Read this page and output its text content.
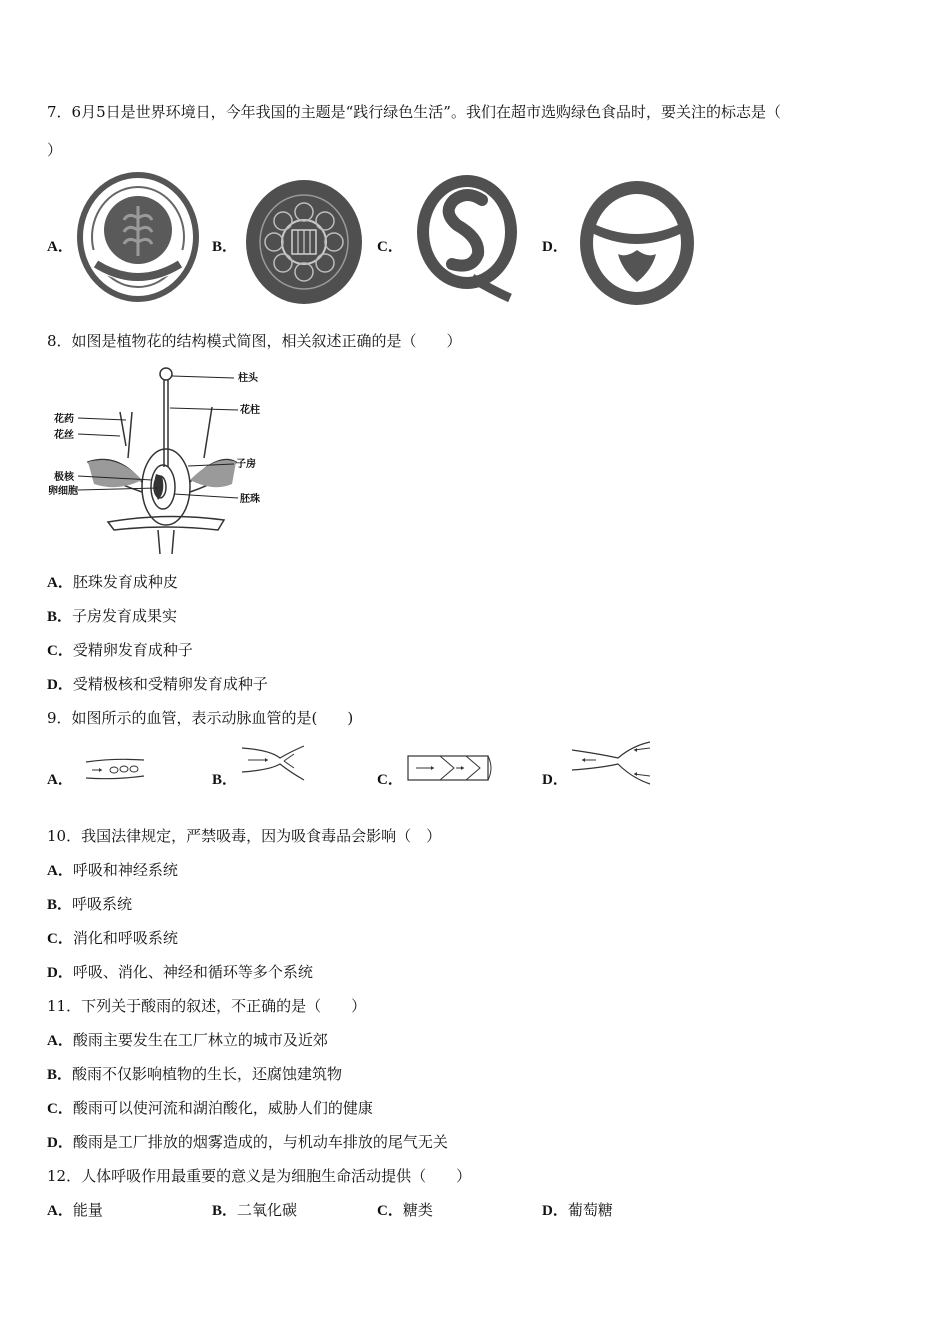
7．6月5日是世界环境日，今年我国的主题是“践行绿色生活”。我们在超市选购绿色食品时，要关注的标志是（
）
A．	B．	C．	D．
8．如图是植物花的结构模式简图，相关叙述正确的是（　　）
柱头
花柱
花药
花丝
子房
极核
卵细胞
胚珠
A．胚珠发育成种皮
B．子房发育成果实
C．受精卵发育成种子
D．受精极核和受精卵发育成种子
9．如图所示的血管，表示动脉血管的是(　　)
A．	B．	C．	D．
10．我国法律规定，严禁吸毒，因为吸食毒品会影响（　）
A．呼吸和神经系统
B．呼吸系统
C．消化和呼吸系统
D．呼吸、消化、神经和循环等多个系统
11．下列关于酸雨的叙述，不正确的是（　　）
A．酸雨主要发生在工厂林立的城市及近郊
B．酸雨不仅影响植物的生长，还腐蚀建筑物
C．酸雨可以使河流和湖泊酸化，威胁人们的健康
D．酸雨是工厂排放的烟雾造成的，与机动车排放的尾气无关
12．人体呼吸作用最重要的意义是为细胞生命活动提供（　　）
A．能量	B．二氧化碳	C．糖类	D．葡萄糖
